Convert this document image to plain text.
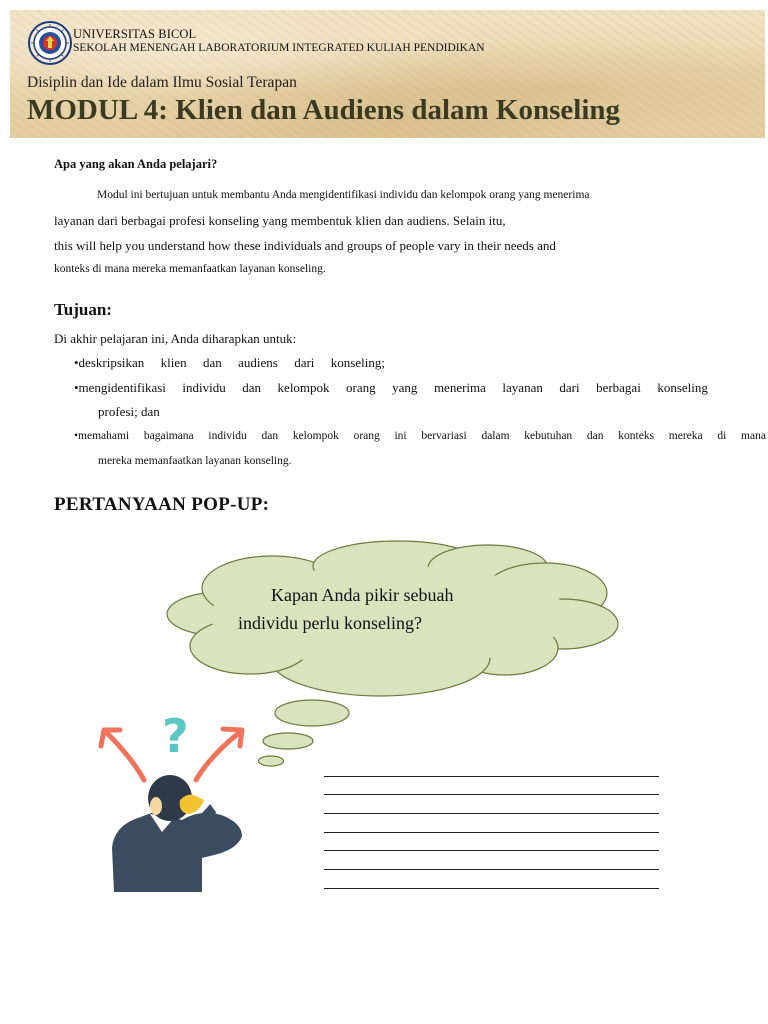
UNIVERSITAS BICOL
SEKOLAH MENENGAH LABORATORIUM INTEGRATED KULIAH PENDIDIKAN
Disiplin dan Ide dalam Ilmu Sosial Terapan
MODUL 4: Klien dan Audiens dalam Konseling
Apa yang akan Anda pelajari?
Modul ini bertujuan untuk membantu Anda mengidentifikasi individu dan kelompok orang yang menerima
layanan dari berbagai profesi konseling yang membentuk klien dan audiens. Selain itu,
this will help you understand how these individuals and groups of people vary in their needs and
konteks di mana mereka memanfaatkan layanan konseling.
Tujuan:
Di akhir pelajaran ini, Anda diharapkan untuk:
•deskripsikan klien dan audiens dari konseling;
•mengidentifikasi individu dan kelompok orang yang menerima layanan dari berbagai konseling
profesi; dan
•memahami bagaimana individu dan kelompok orang ini bervariasi dalam kebutuhan dan konteks mereka di mana
mereka memanfaatkan layanan konseling.
PERTANYAAN POP-UP:
Kapan Anda pikir sebuah
individu perlu konseling?
?
